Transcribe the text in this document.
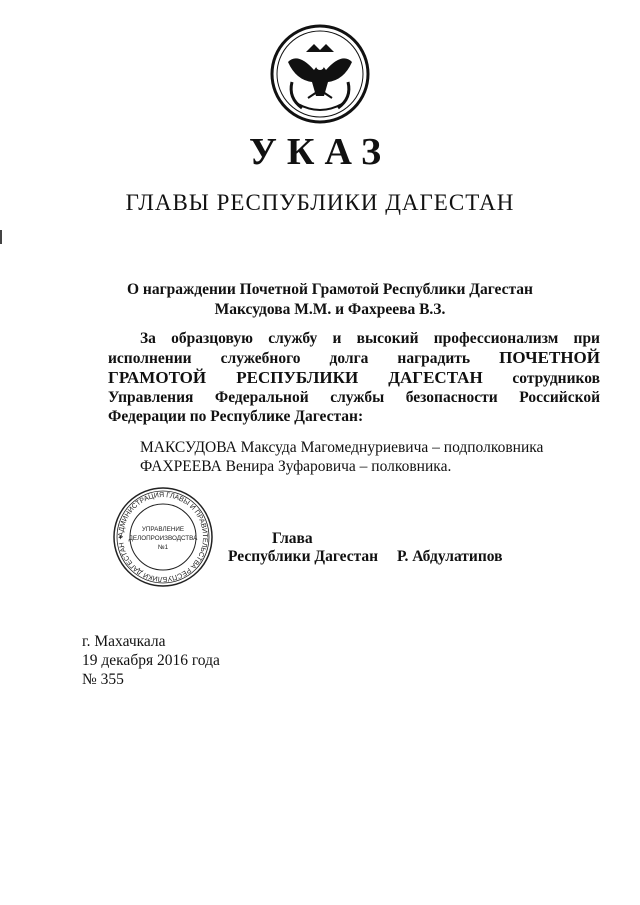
УКАЗ
ГЛАВЫ РЕСПУБЛИКИ ДАГЕСТАН
О награждении Почетной Грамотой Республики Дагестан
Максудова М.М. и Фахреева В.З.
За образцовую службу и высокий профессионализм при исполнении служебного долга наградить ПОЧЕТНОЙ ГРАМОТОЙ РЕСПУБЛИКИ ДАГЕСТАН сотрудников Управления Федеральной службы безопасности Российской Федерации по Республике Дагестан:
МАКСУДОВА Максуда Магомеднуриевича – подполковника
ФАХРЕЕВА Венира Зуфаровича – полковника.
АДМИНИСТРАЦИЯ ГЛАВЫ И ПРАВИТЕЛЬСТВА РЕСПУБЛИКИ ДАГЕСТАН ✦
УПРАВЛЕНИЕ
ДЕЛОПРОИЗВОДСТВА
№1
Глава
Республики Дагестан Р. Абдулатипов
г. Махачкала
19 декабря 2016 года
№ 355
